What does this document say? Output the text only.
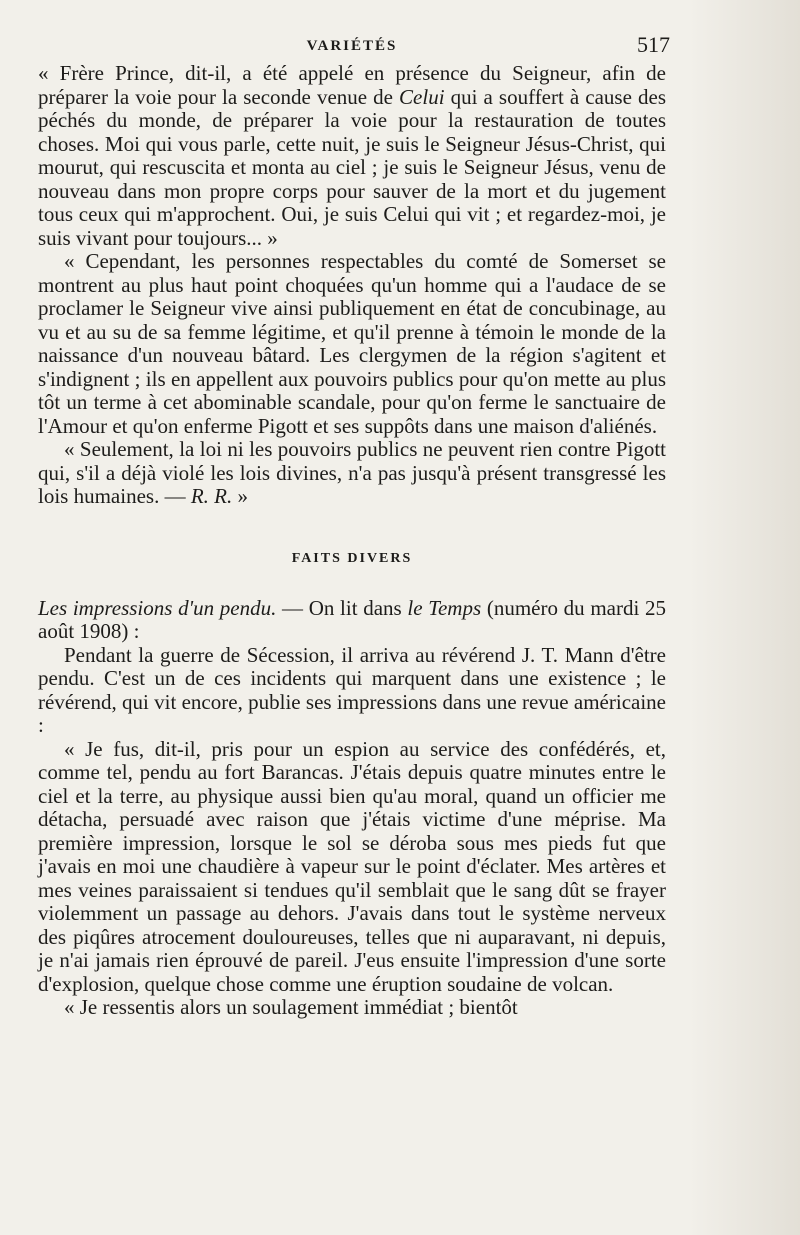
VARIÉTÉS	517

« Frère Prince, dit-il, a été appelé en présence du Seigneur, afin de préparer la voie pour la seconde venue de Celui qui a souffert à cause des péchés du monde, de préparer la voie pour la restauration de toutes choses. Moi qui vous parle, cette nuit, je suis le Seigneur Jésus-Christ, qui mourut, qui rescuscita et monta au ciel ; je suis le Seigneur Jésus, venu de nouveau dans mon propre corps pour sauver de la mort et du jugement tous ceux qui m'approchent. Oui, je suis Celui qui vit ; et regardez-moi, je suis vivant pour toujours... »

« Cependant, les personnes respectables du comté de Somerset se montrent au plus haut point choquées qu'un homme qui a l'audace de se proclamer le Seigneur vive ainsi publiquement en état de concubinage, au vu et au su de sa femme légitime, et qu'il prenne à témoin le monde de la naissance d'un nouveau bâtard. Les clergymen de la région s'agitent et s'indignent ; ils en appellent aux pouvoirs publics pour qu'on mette au plus tôt un terme à cet abominable scandale, pour qu'on ferme le sanctuaire de l'Amour et qu'on enferme Pigott et ses suppôts dans une maison d'aliénés.

« Seulement, la loi ni les pouvoirs publics ne peuvent rien contre Pigott qui, s'il a déjà violé les lois divines, n'a pas jusqu'à présent transgressé les lois humaines. — R. R. »

FAITS DIVERS

Les impressions d'un pendu. — On lit dans le Temps (numéro du mardi 25 août 1908) :

Pendant la guerre de Sécession, il arriva au révérend J. T. Mann d'être pendu. C'est un de ces incidents qui marquent dans une existence ; le révérend, qui vit encore, publie ses impressions dans une revue américaine :

« Je fus, dit-il, pris pour un espion au service des confédérés, et, comme tel, pendu au fort Barancas. J'étais depuis quatre minutes entre le ciel et la terre, au physique aussi bien qu'au moral, quand un officier me détacha, persuadé avec raison que j'étais victime d'une méprise. Ma première impression, lorsque le sol se déroba sous mes pieds fut que j'avais en moi une chaudière à vapeur sur le point d'éclater. Mes artères et mes veines paraissaient si tendues qu'il semblait que le sang dût se frayer violemment un passage au dehors. J'avais dans tout le système nerveux des piqûres atrocement douloureuses, telles que ni auparavant, ni depuis, je n'ai jamais rien éprouvé de pareil. J'eus ensuite l'impression d'une sorte d'explosion, quelque chose comme une éruption soudaine de volcan.

« Je ressentis alors un soulagement immédiat ; bientôt
